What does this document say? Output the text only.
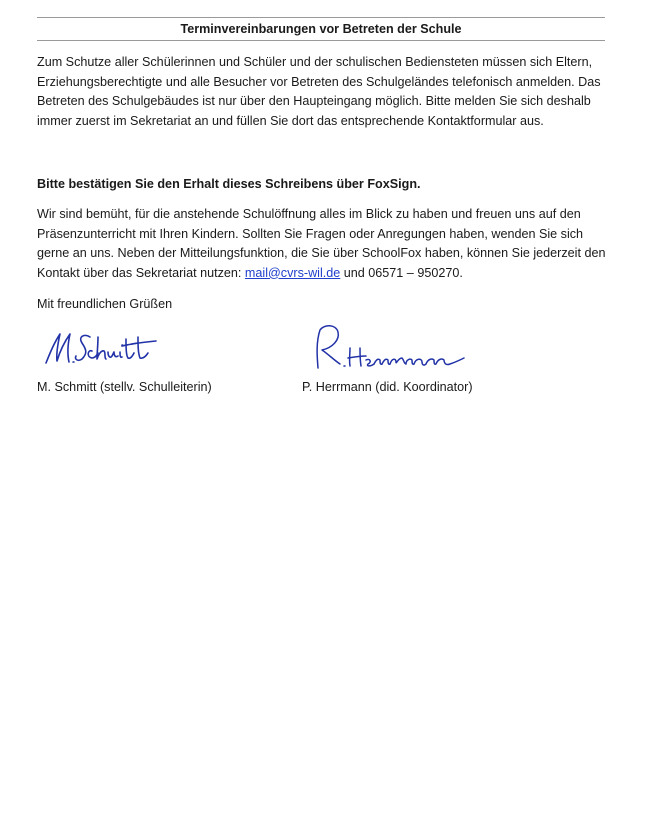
Terminvereinbarungen vor Betreten der Schule

Zum Schutze aller Schülerinnen und Schüler und der schulischen Bediensteten müssen sich Eltern, Erziehungsberechtigte und alle Besucher vor Betreten des Schulgeländes telefonisch anmelden. Das Betreten des Schulgebäudes ist nur über den Haupteingang möglich. Bitte melden Sie sich deshalb immer zuerst im Sekretariat an und füllen Sie dort das entsprechende Kontaktformular aus.

Bitte bestätigen Sie den Erhalt dieses Schreibens über FoxSign.

Wir sind bemüht, für die anstehende Schulöffnung alles im Blick zu haben und freuen uns auf den
Präsenzunterricht mit Ihren Kindern. Sollten Sie Fragen oder Anregungen haben, wenden Sie sich
gerne an uns. Neben der Mitteilungsfunktion, die Sie über SchoolFox haben, können Sie jederzeit den
Kontakt über das Sekretariat nutzen: mail@cvrs-wil.de und 06571 – 950270.

Mit freundlichen Grüßen

M. Schmitt (stellv. Schulleiterin)	P. Herrmann (did. Koordinator)
